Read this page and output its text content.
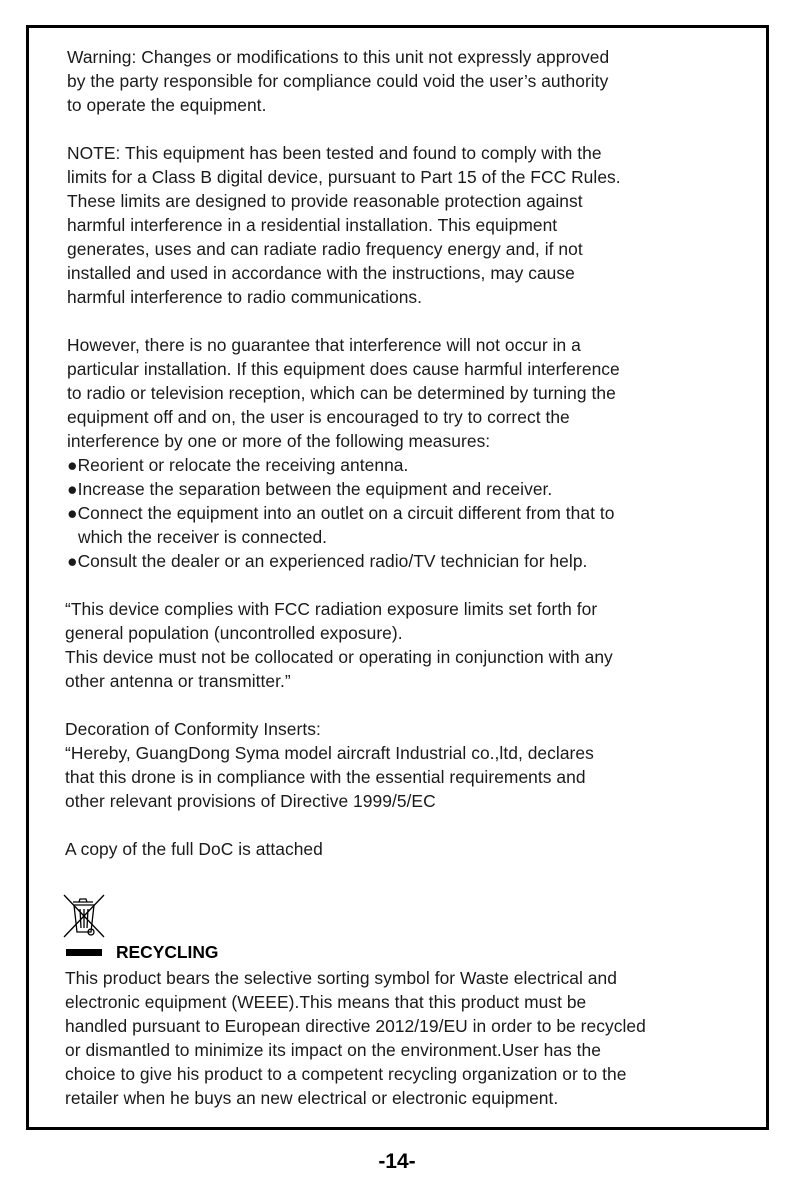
Warning: Changes or modifications to this unit not expressly approved

by the party responsible for compliance could void the user’s authority

to operate the equipment.

NOTE: This equipment has been tested and found to comply with the

limits for a Class B digital device, pursuant to Part 15 of the FCC Rules.

These limits are designed to provide reasonable protection against

harmful interference in a residential installation. This equipment

generates, uses and can radiate radio frequency energy and, if not

installed and used in accordance with the instructions, may cause

harmful interference to radio communications.

However, there is no guarantee that interference will not occur in a

particular installation. If this equipment does cause harmful interference

to radio or television reception, which can be determined by turning the

equipment off and on, the user is encouraged to try to correct the

interference by one or more of the following measures:

●Reorient or relocate the receiving antenna.

●Increase the separation between the equipment and receiver.

●Connect the equipment into an outlet on a circuit different from that to

which the receiver is connected.

●Consult the dealer or an experienced radio/TV technician for help.

“This device complies with FCC radiation exposure limits set forth for

general population (uncontrolled exposure).

This device must not be collocated or operating in conjunction with any

other antenna or transmitter.”

Decoration of Conformity Inserts:

“Hereby, GuangDong Syma model aircraft Industrial co.,ltd, declares

that this drone is in compliance with the essential requirements and

other relevant provisions of Directive 1999/5/EC

A copy of the full DoC is attached

RECYCLING

This product bears the selective sorting symbol for Waste electrical and

electronic equipment (WEEE).This means that this product must be

handled pursuant to European directive 2012/19/EU in order to be recycled

or dismantled to minimize its impact on the environment.User has the

choice to give his product to a competent recycling organization or to the

retailer when he buys an new electrical or electronic equipment.

-14-
